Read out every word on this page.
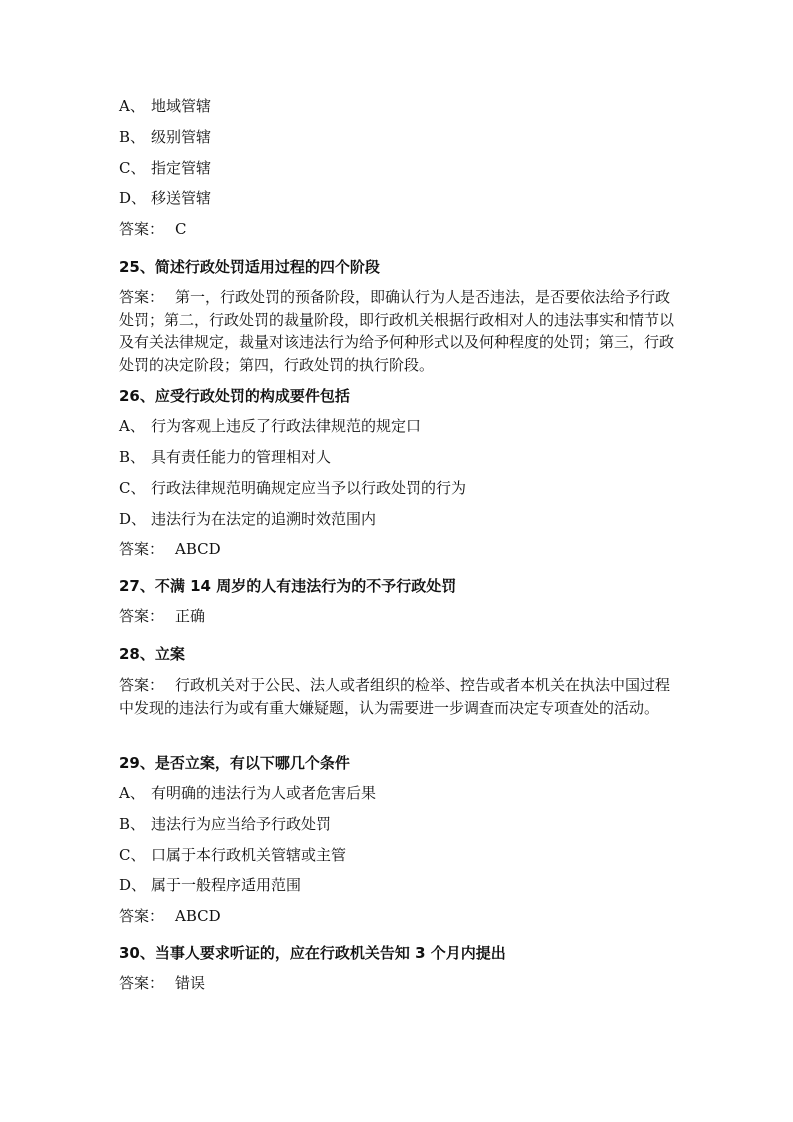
A、 地域管辖
B、 级别管辖
C、 指定管辖
D、 移送管辖
答案： C
25、简述行政处罚适用过程的四个阶段
答案： 第一，行政处罚的预备阶段，即确认行为人是否违法，是否要依法给予行政处罚；第二，行政处罚的裁量阶段，即行政机关根据行政相对人的违法事实和情节以及有关法律规定，裁量对该违法行为给予何种形式以及何种程度的处罚；第三，行政处罚的决定阶段；第四，行政处罚的执行阶段。
26、应受行政处罚的构成要件包括
A、 行为客观上违反了行政法律规范的规定口
B、 具有责任能力的管理相对人
C、 行政法律规范明确规定应当予以行政处罚的行为
D、 违法行为在法定的追溯时效范围内
答案： ABCD
27、不满 14 周岁的人有违法行为的不予行政处罚
答案： 正确
28、立案
答案： 行政机关对于公民、法人或者组织的检举、控告或者本机关在执法中国过程中发现的违法行为或有重大嫌疑题，认为需要进一步调查而决定专项查处的活动。
29、是否立案，有以下哪几个条件
A、 有明确的违法行为人或者危害后果
B、 违法行为应当给予行政处罚
C、 口属于本行政机关管辖或主管
D、 属于一般程序适用范围
答案： ABCD
30、当事人要求听证的，应在行政机关告知 3 个月内提出
答案： 错误
